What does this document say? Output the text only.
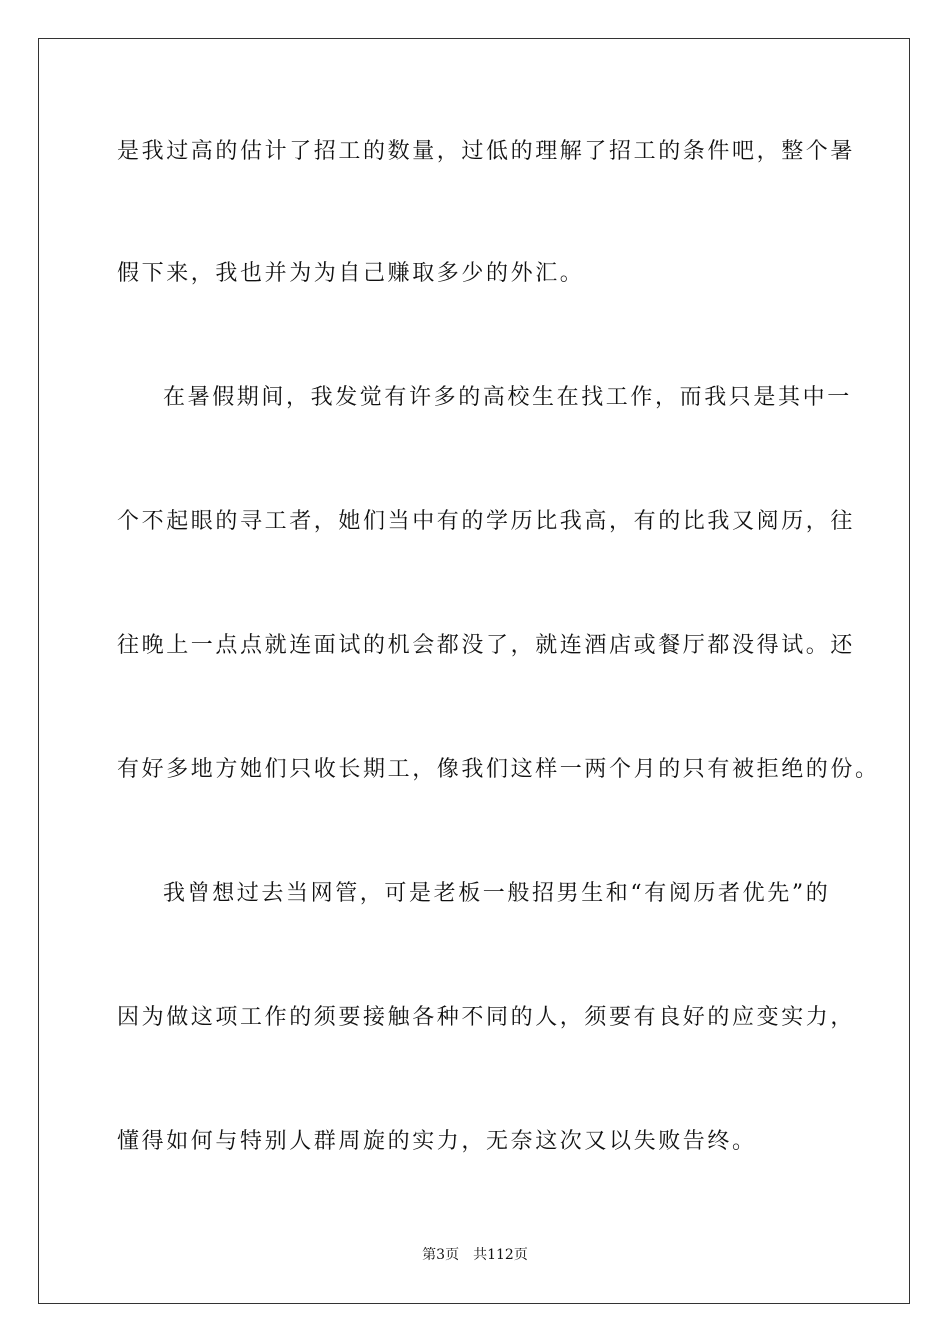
是我过高的估计了招工的数量，过低的理解了招工的条件吧，整个暑
假下来，我也并为为自己赚取多少的外汇。
在暑假期间，我发觉有许多的高校生在找工作，而我只是其中一
个不起眼的寻工者，她们当中有的学历比我高，有的比我又阅历，往
往晚上一点点就连面试的机会都没了，就连酒店或餐厅都没得试。还
有好多地方她们只收长期工，像我们这样一两个月的只有被拒绝的份。
我曾想过去当网管，可是老板一般招男生和“有阅历者优先”的
因为做这项工作的须要接触各种不同的人，须要有良好的应变实力，
懂得如何与特别人群周旋的实力，无奈这次又以失败告终。
第3页 共112页
